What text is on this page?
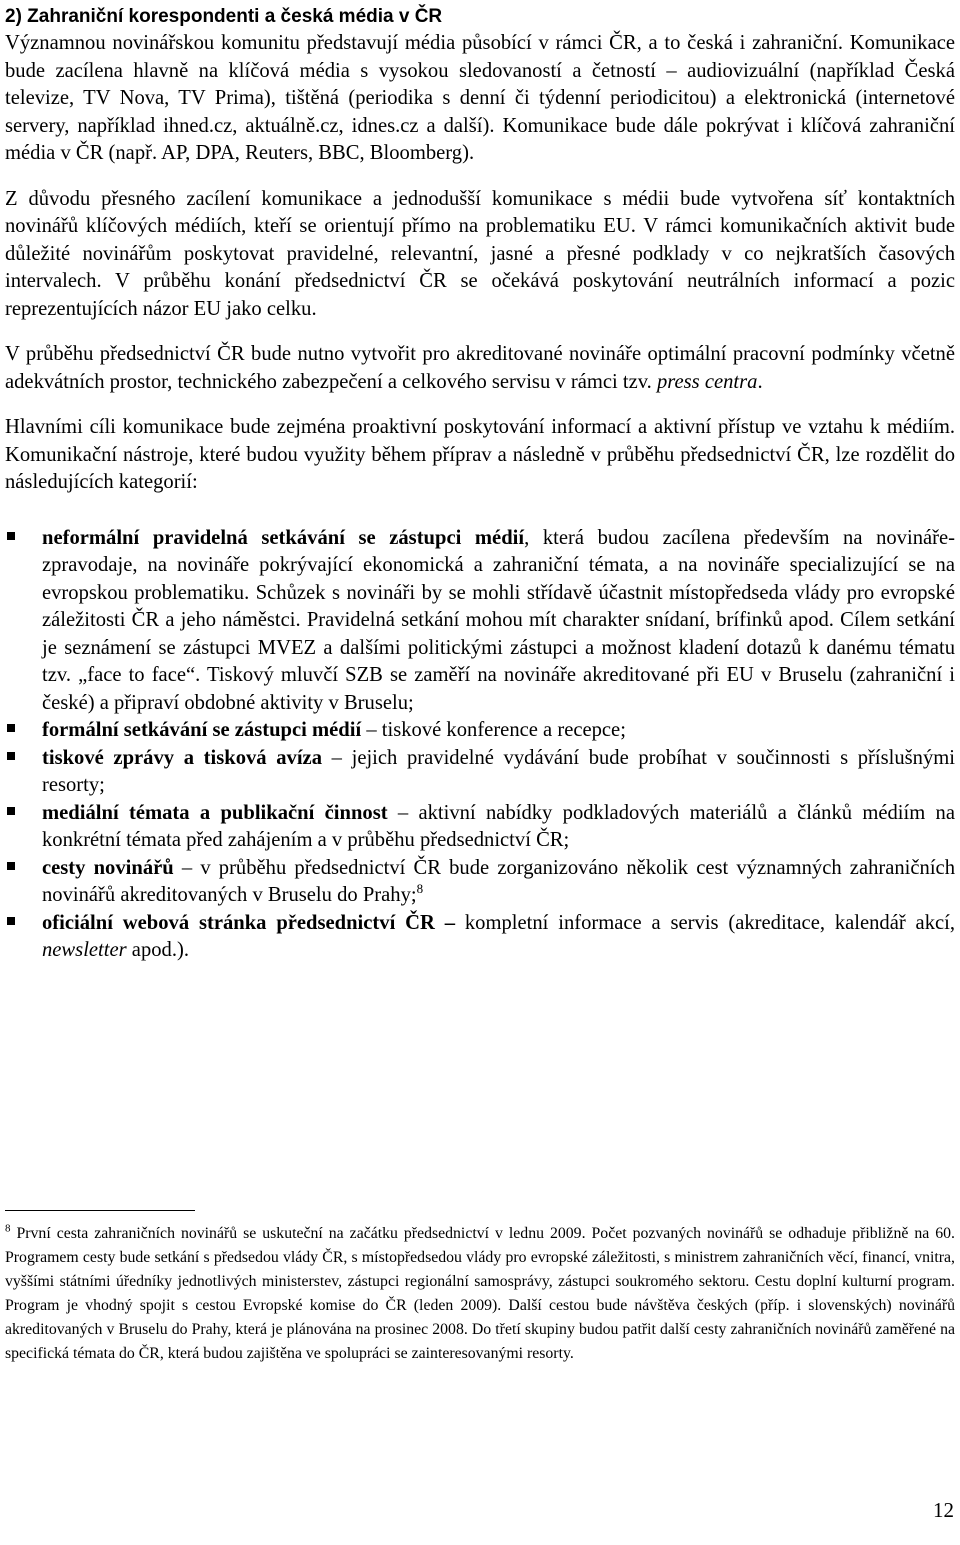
2) Zahraniční korespondenti a česká média v ČR

Významnou novinářskou komunitu představují média působící v rámci ČR, a to česká i zahraniční. Komunikace bude zacílena hlavně na klíčová média s vysokou sledovaností a četností – audiovizuální (například Česká televize, TV Nova, TV Prima), tištěná (periodika s denní či týdenní periodicitou) a elektronická (internetové servery, například ihned.cz, aktuálně.cz, idnes.cz a další). Komunikace bude dále pokrývat i klíčová zahraniční média v ČR (např. AP, DPA, Reuters, BBC, Bloomberg).

Z důvodu přesného zacílení komunikace a jednodušší komunikace s médii bude vytvořena síť kontaktních novinářů klíčových médiích, kteří se orientují přímo na problematiku EU. V rámci komunikačních aktivit bude důležité novinářům poskytovat pravidelné, relevantní, jasné a přesné podklady v co nejkratších časových intervalech. V průběhu konání předsednictví ČR se očekává poskytování neutrálních informací a pozic reprezentujících názor EU jako celku.

V průběhu předsednictví ČR bude nutno vytvořit pro akreditované novináře optimální pracovní podmínky včetně adekvátních prostor, technického zabezpečení a celkového servisu v rámci tzv. press centra.

Hlavními cíli komunikace bude zejména proaktivní poskytování informací a aktivní přístup ve vztahu k médiím. Komunikační nástroje, které budou využity během příprav a následně v průběhu předsednictví ČR, lze rozdělit do následujících kategorií:

neformální pravidelná setkávání se zástupci médií, která budou zacílena především na novináře-zpravodaje, na novináře pokrývající ekonomická a zahraniční témata, a na novináře specializující se na evropskou problematiku. Schůzek s novináři by se mohli střídavě účastnit místopředseda vlády pro evropské záležitosti ČR a jeho náměstci. Pravidelná setkání mohou mít charakter snídaní, brífinků apod. Cílem setkání je seznámení se zástupci MVEZ a dalšími politickými zástupci a možnost kladení dotazů k danému tématu tzv. „face to face“. Tiskový mluvčí SZB se zaměří na novináře akreditované při EU v Bruselu (zahraniční i české) a připraví obdobné aktivity v Bruselu;
formální setkávání se zástupci médií – tiskové konference a recepce;
tiskové zprávy a tisková avíza – jejich pravidelné vydávání bude probíhat v součinnosti s příslušnými resorty;
mediální témata a publikační činnost – aktivní nabídky podkladových materiálů a článků médiím na konkrétní témata před zahájením a v průběhu předsednictví ČR;
cesty novinářů – v průběhu předsednictví ČR bude zorganizováno několik cest významných zahraničních novinářů akreditovaných v Bruselu do Prahy;$^8$
oficiální webová stránka předsednictví ČR – kompletní informace a servis (akreditace, kalendář akcí, newsletter apod.).

$^8$ První cesta zahraničních novinářů se uskuteční na začátku předsednictví v lednu 2009. Počet pozvaných novinářů se odhaduje přibližně na 60. Programem cesty bude setkání s předsedou vlády ČR, s místopředsedou vlády pro evropské záležitosti, s ministrem zahraničních věcí, financí, vnitra, vyššími státními úředníky jednotlivých ministerstev, zástupci regionální samosprávy, zástupci soukromého sektoru. Cestu doplní kulturní program. Program je vhodný spojit s cestou Evropské komise do ČR (leden 2009). Další cestou bude návštěva českých (příp. i slovenských) novinářů akreditovaných v Bruselu do Prahy, která je plánována na prosinec 2008. Do třetí skupiny budou patřit další cesty zahraničních novinářů zaměřené na specifická témata do ČR, která budou zajištěna ve spolupráci se zainteresovanými resorty.

12
